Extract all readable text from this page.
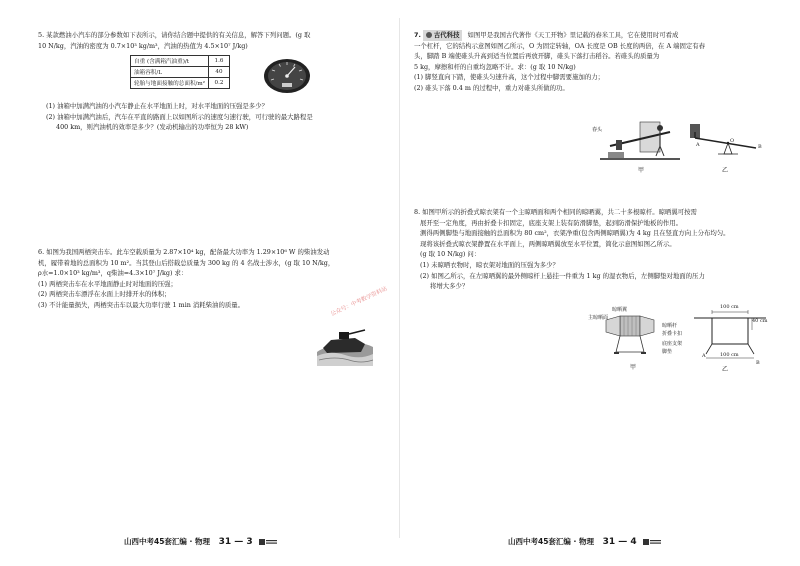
5. 某款燃油小汽车的部分参数如下表所示，请你结合题中提供的有关信息，解答下列问题。(g 取

10 N/kg，汽油的密度为 0.7×10³ kg/m³，汽油的热值为 4.5×10⁷ J/kg)

自重 (含满箱汽油重)/t	1.6
油箱容积/L	40
轮胎与地面接触的总面积/m²	0.2

(1) 油箱中加满汽油的小汽车静止在水平地面上时，对水平地面的压强是多少？

(2) 油箱中加满汽油后，汽车在平直的路面上以如图所示的速度匀速行驶，可行驶的最大路程是

400 km，则汽油机的效率是多少？(发动机输出的功率恒为 28 kW)

6. 如图为我国两栖突击车。此车空载质量为 2.87×10⁴ kg，配备最大功率为 1.29×10⁶ W 的柴油发动

机，履带着地的总面积为 10 m²。当其登山后搭载总质量为 300 kg 的 4 名战士涉水，(g 取 10 N/kg，

ρ水=1.0×10³ kg/m³，q柴油=4.3×10⁷ J/kg) 求：

(1) 两栖突击车在水平地面静止时对地面的压强；

(2) 两栖突击车漂浮在水面上时排开水的体积；

(3) 不计能量损失，两栖突击车以最大功率行驶 1 min 消耗柴油的质量。

山西中考45套汇编 · 物理 31 — 3

7. 古代科技 如图甲是我国古代著作《天工开物》里记载的舂米工具，它在使用时可看成

一个杠杆，它的结构示意图如图乙所示，O 为固定转轴，OA 长度是 OB 长度的两倍，在 A 端固定有舂

头，脚踏 B 端使碓头升高到适当位置后再放开脚，碓头下落打击稻谷。若碓头的质量为

5 kg，摩擦和杆的自重均忽略不计。求：(g 取 10 N/kg)

(1) 脚竖直向下踏，使碓头匀速升高，这个过程中脚需要施加的力；

(2) 碓头下落 0.4 m 的过程中，重力对碓头所做的功。

舂头
甲
A
O
B
乙

8. 如图甲所示的折叠式晾衣架有一个主晾晒面和两个相同的晾晒翼，共二十多根晾杆。晾晒翼可按需

展开至一定角度，再由折叠卡扣固定，底座支架上装有防滑脚垫，起到防滑保护地板的作用。

测得两侧脚垫与地面接触的总面积为 80 cm²，衣架净重(包含两侧晾晒翼)为 4 kg 且在竖直方向上分布均匀。

现将该折叠式晾衣架静置在水平面上，两侧晾晒翼放至水平位置，简化示意图如图乙所示。

(g 取 10 N/kg) 问：

(1) 未晾晒衣物时，晾衣架对地面的压强为多少？

(2) 如图乙所示，在左晾晒翼的最外侧晾杆上悬挂一件重为 1 kg 的湿衣物后，左侧脚垫对地面的压力

将增大多少？

主晾晒面
晾晒翼
晾晒杆
折叠卡扣
底座支架
脚垫
甲
100 cm
40 cm
100 cm
A
B
乙
山西中考45套汇编 · 物理 31 — 4
公众号：中考数学资料站
